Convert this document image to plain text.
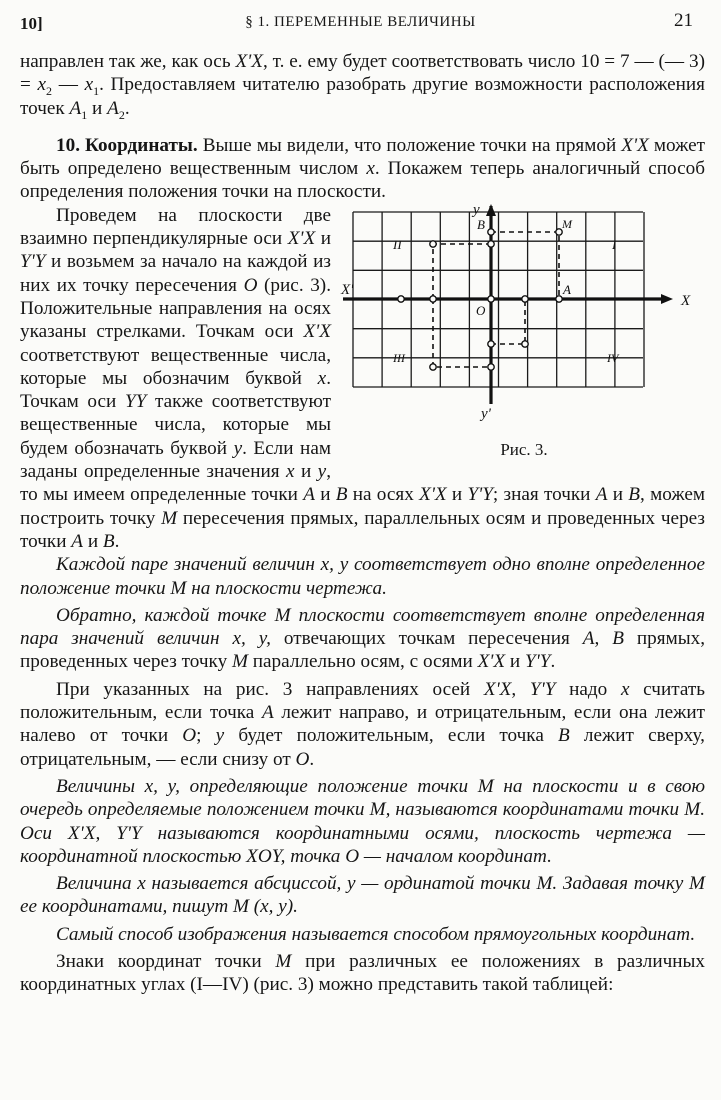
10]	§ 1. ПЕРЕМЕННЫЕ ВЕЛИЧИНЫ	21

направлен так же, как ось X'X, т. е. ему будет соответствовать число 10 = 7 — (— $3) = x_2$ — $x_1$. Предоставляем читателю разобрать другие возможности расположения точек $A_1$ и $A_2$.

10. Координаты. Выше мы видели, что положение точки на прямой X'X может быть определено вещественным числом x. Покажем теперь аналогичный способ определения положения точки на плоскости.

y
y'
X'
X
O
A
B	M
I
II
III	IV
Рис. 3.

Проведем на плоскости две взаимно перпендикулярные оси X'X и Y'Y и возьмем за начало на каждой из них их точку пересечения O (рис. 3). Положительные направления на осях указаны стрелками. Точкам оси X'X соответствуют вещественные числа, которые мы обозначим буквой x. Точкам оси YY также соответствуют вещественные числа, которые мы будем обозначать буквой y. Если нам заданы определенные значения x и y, то мы имеем определенные точки A и B на осях X'X и Y'Y; зная точки A и B, можем построить точку M пересечения прямых, параллельных осям и проведенных через точки A и B.

Каждой паре значений величин x, y соответствует одно вполне определенное положение точки M на плоскости чертежа.

Обратно, каждой точке M плоскости соответствует вполне определенная пара значений величин x, y, отвечающих точкам пересечения A, B прямых, проведенных через точку M параллельно осям, с осями X'X и Y'Y.

При указанных на рис. 3 направлениях осей X'X, Y'Y надо x считать положительным, если точка A лежит направо, и отрицательным, если она лежит налево от точки O; y будет положительным, если точка B лежит сверху, отрицательным, — если снизу от O.

Величины x, y, определяющие положение точки M на плоскости и в свою очередь определяемые положением точки M, называются координатами точки M. Оси X'X, Y'Y называются координатными осями, плоскость чертежа — координатной плоскостью XOY, точка O — началом координат.

Величина x называется абсциссой, y — ординатой точки M. Задавая точку M ее координатами, пишут M (x, y).

Самый способ изображения называется способом прямоугольных координат.

Знаки координат точки M при различных ее положениях в различных координатных углах (I—IV) (рис. 3) можно представить такой таблицей:
